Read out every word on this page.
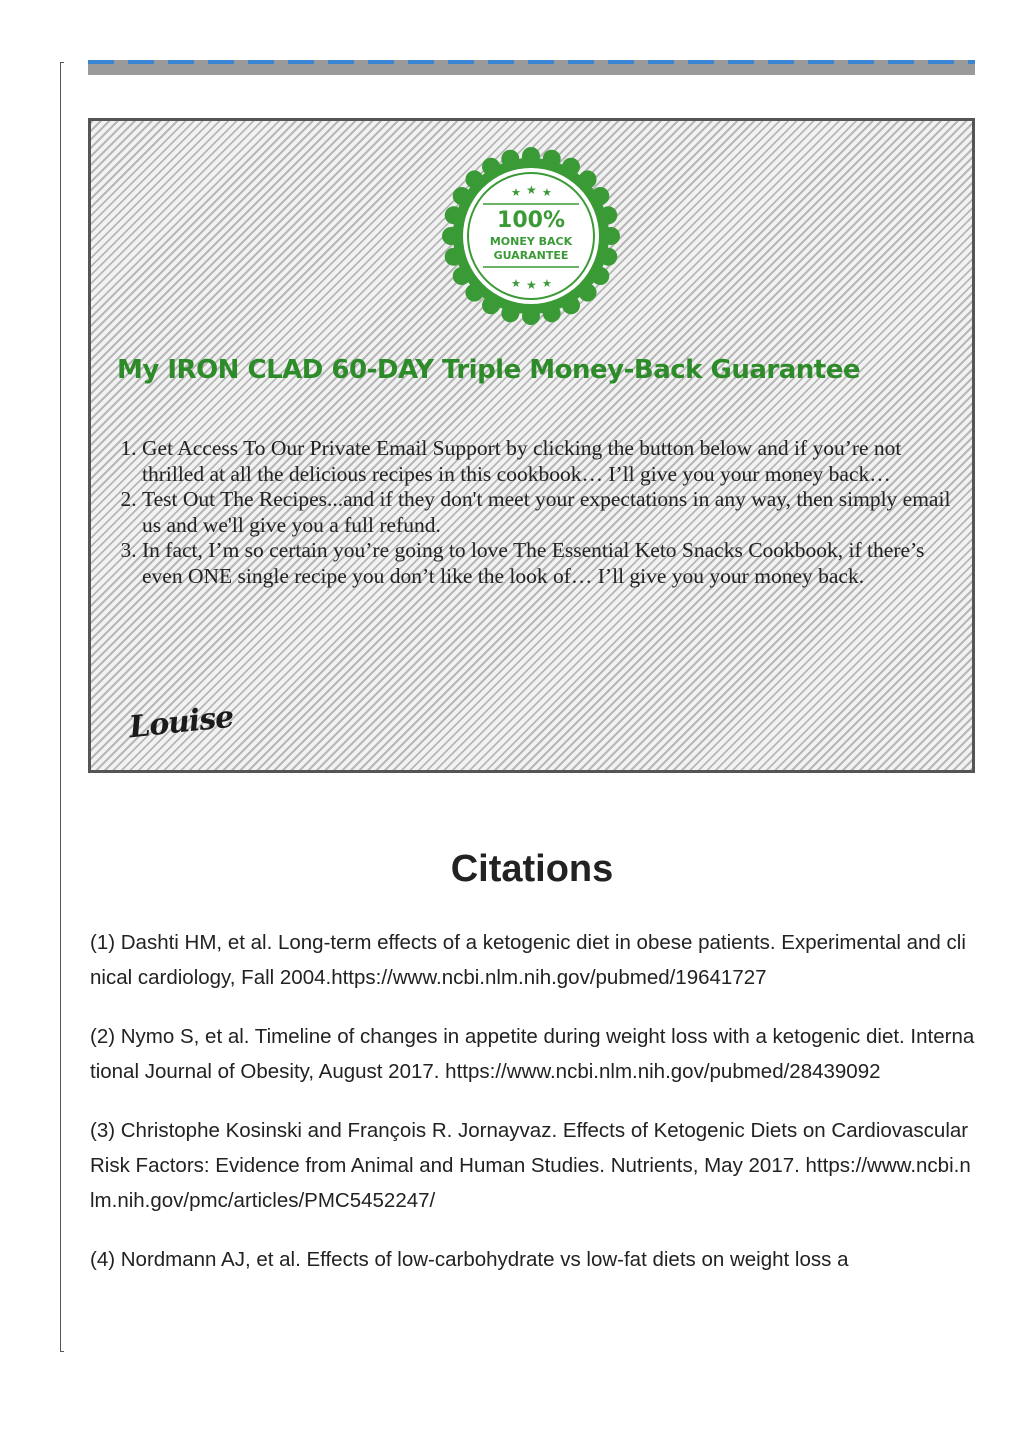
★ ★ ★
100%
MONEY BACK
GUARANTEE
★ ★ ★
My IRON CLAD 60-DAY Triple Money-Back Guarantee
1. Get Access To Our Private Email Support by clicking the button below and if you’re not thrilled at all the delicious recipes in this cookbook… I’ll give you your money back…
2. Test Out The Recipes...and if they don't meet your expectations in any way, then simply email us and we'll give you a full refund.
3. In fact, I’m so certain you’re going to love The Essential Keto Snacks Cookbook, if there’s even ONE single recipe you don’t like the look of… I’ll give you your money back.
Louise
Citations

(1) Dashti HM, et al. Long-term effects of a ketogenic diet in obese patients. Experimental and clinical cardiology, Fall 2004.https://www.ncbi.nlm.nih.gov/pubmed/19641727

(2) Nymo S, et al. Timeline of changes in appetite during weight loss with a ketogenic diet. International Journal of Obesity, August 2017. https://www.ncbi.nlm.nih.gov/pubmed/28439092

(3) Christophe Kosinski and François R. Jornayvaz. Effects of Ketogenic Diets on Cardiovascular Risk Factors: Evidence from Animal and Human Studies. Nutrients, May 2017. https://www.ncbi.nlm.nih.gov/pmc/articles/PMC5452247/

(4) Nordmann AJ, et al. Effects of low-carbohydrate vs low-fat diets on weight loss a
